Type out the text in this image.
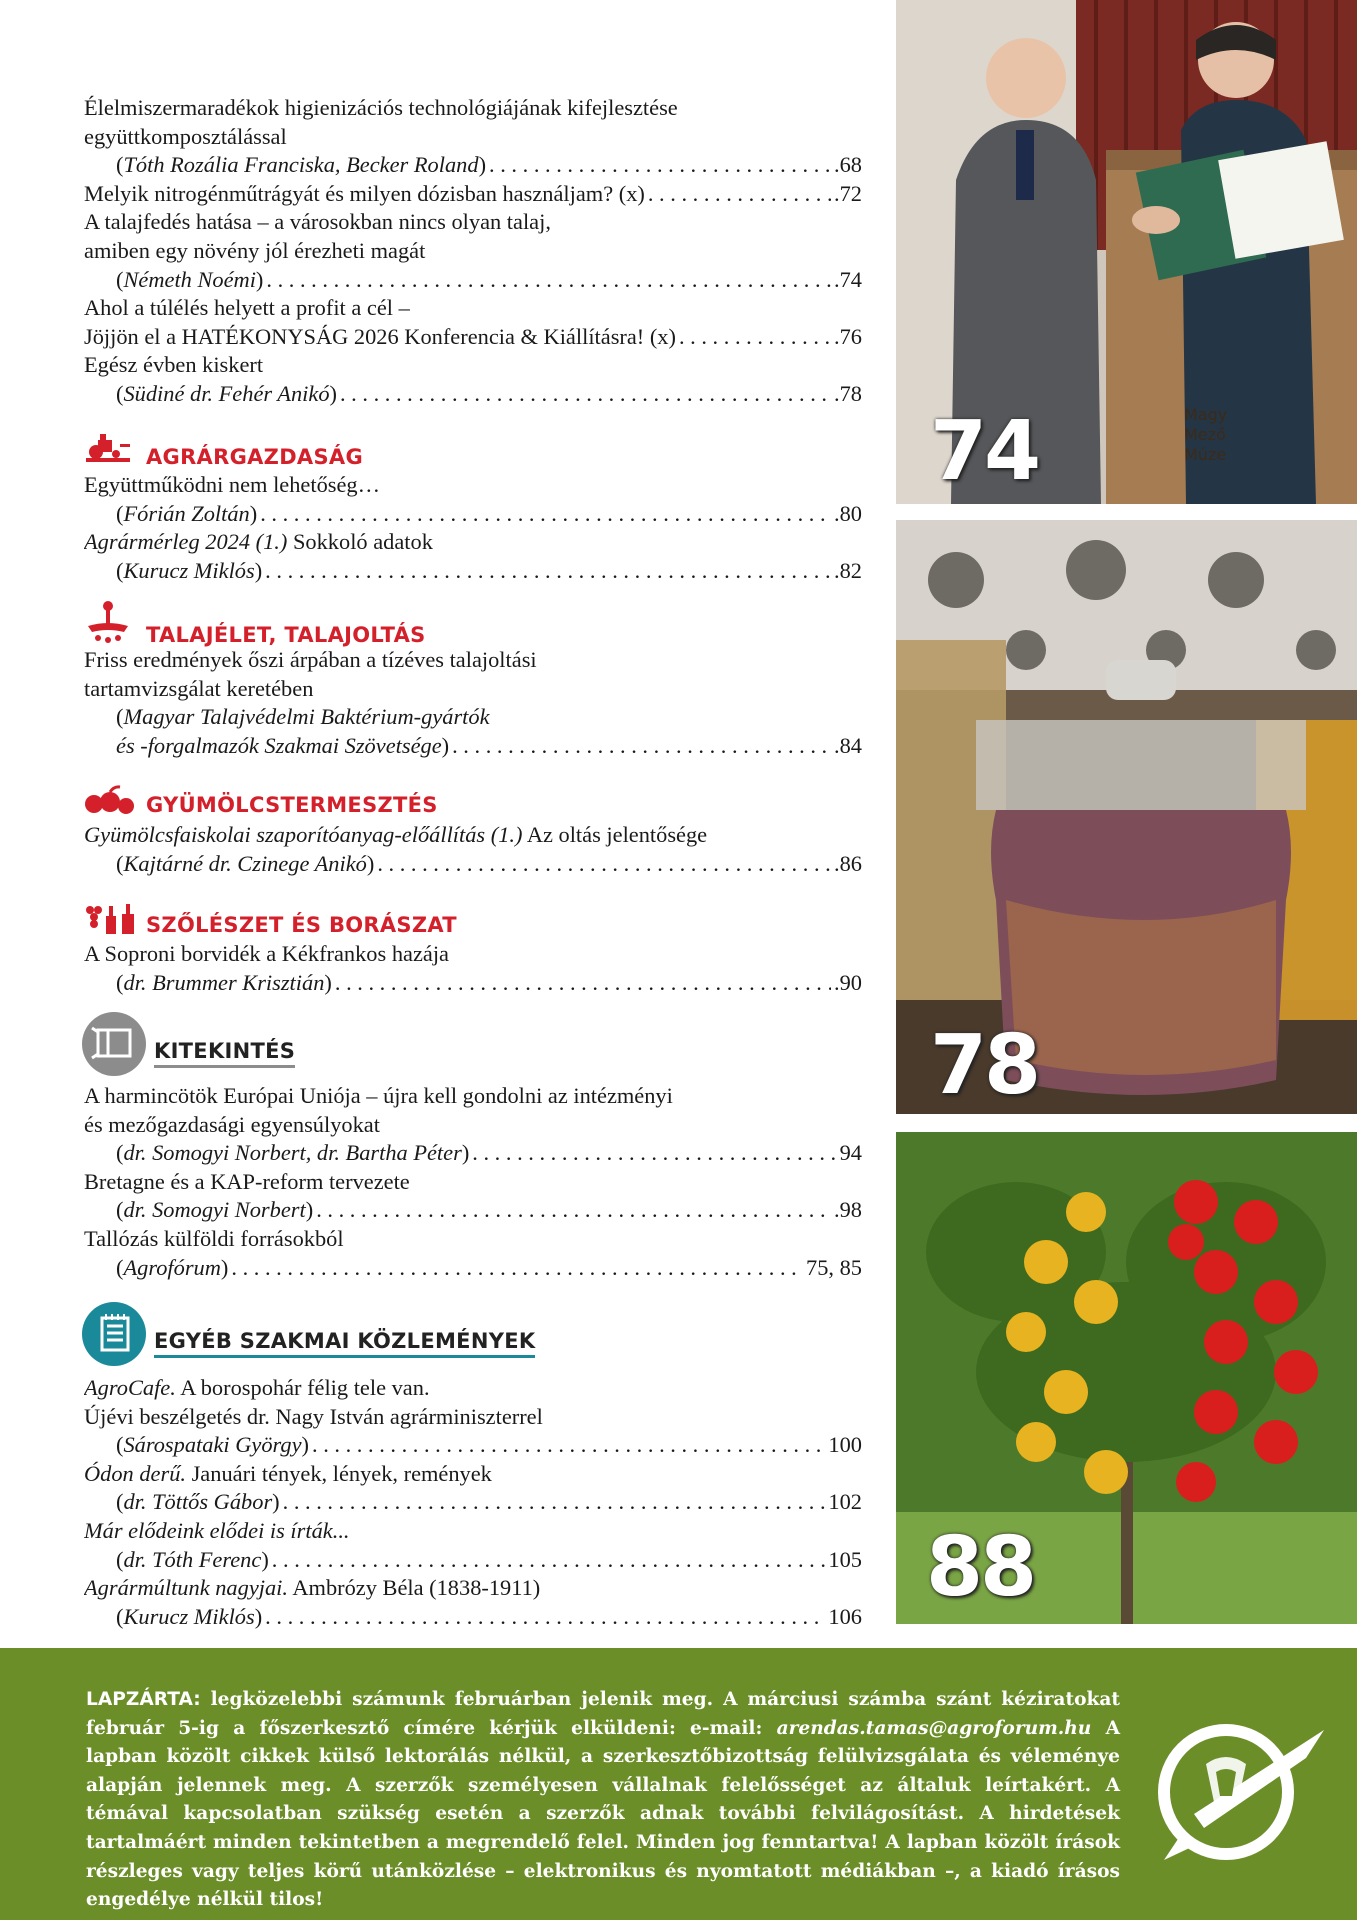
Élelmiszermaradékok higienizációs technológiájának kifejlesztése
együttkomposztálással
(Tóth Rozália Franciska, Becker Roland) . . .	.68
Melyik nitrogénműtrágyát és milyen dózisban használjam? (x) . . .	.72
A talajfedés hatása – a városokban nincs olyan talaj,
amiben egy növény jól érezheti magát
(Németh Noémi) . . .	.74
Ahol a túlélés helyett a profit a cél –
Jöjjön el a HATÉKONYSÁG 2026 Konferencia & Kiállításra! (x) . . .	.76
Egész évben kiskert
(Südiné dr. Fehér Anikó) . . .	.78
AGRÁRGAZDASÁG
Együttműködni nem lehetőség…
(Fórián Zoltán) . . .	.80
Agrármérleg 2024 (1.) Sokkoló adatok
(Kurucz Miklós) . . .	.82
TALAJÉLET, TALAJOLTÁS
Friss eredmények őszi árpában a tízéves talajoltási
tartamvizsgálat keretében
(Magyar Talajvédelmi Baktérium-gyártók
és -forgalmazók Szakmai Szövetsége) . . .	.84
GYÜMÖLCSTERMESZTÉS
Gyümölcsfaiskolai szaporítóanyag-előállítás (1.) Az oltás jelentősége
(Kajtárné dr. Czinege Anikó) . . .	.86
SZŐLÉSZET ÉS BORÁSZAT
A Soproni borvidék a Kékfrankos hazája
(dr. Brummer Krisztián) . . .	.90
KITEKINTÉS
A harmincötök Európai Uniója – újra kell gondolni az intézményi
és mezőgazdasági egyensúlyokat
(dr. Somogyi Norbert, dr. Bartha Péter) . . .	94
Bretagne és a KAP-reform tervezete
(dr. Somogyi Norbert) . . .	.98
Tallózás külföldi forrásokból
(Agrofórum) . . .	75, 85
EGYÉB SZAKMAI KÖZLEMÉNYEK
AgroCafe. A borospohár félig tele van.
Újévi beszélgetés dr. Nagy István agrárminiszterrel
(Sárospataki György) . . .	100
Ódon derű. Januári tények, lények, remények
(dr. Töttős Gábor) . . .	102
Már elődeink elődei is írták...
(dr. Tóth Ferenc) . . .	105
Agrármúltunk nagyjai. Ambrózy Béla (1838-1911)
(Kurucz Miklós) . . .	106
Magy
Mező
Múze
74
78
88
LAPZÁRTA: legközelebbi számunk februárban jelenik meg. A márciusi számba szánt kéziratokat február 5-ig a főszerkesztő címére kérjük elküldeni: e-mail: arendas.tamas@agroforum.hu A lapban közölt cikkek külső lektorálás nélkül, a szerkesztőbizottság felülvizsgálata és véleménye alapján jelennek meg. A szerzők személyesen vállalnak felelősséget az általuk leírtakért. A témával kapcsolatban szükség esetén a szerzők adnak további felvilágosítást. A hirdetések tartalmáért minden tekintetben a megrendelő felel. Minden jog fenntartva! A lapban közölt írások részleges vagy teljes körű utánközlése – elektronikus és nyomtatott médiákban –, a kiadó írásos engedélye nélkül tilos!
